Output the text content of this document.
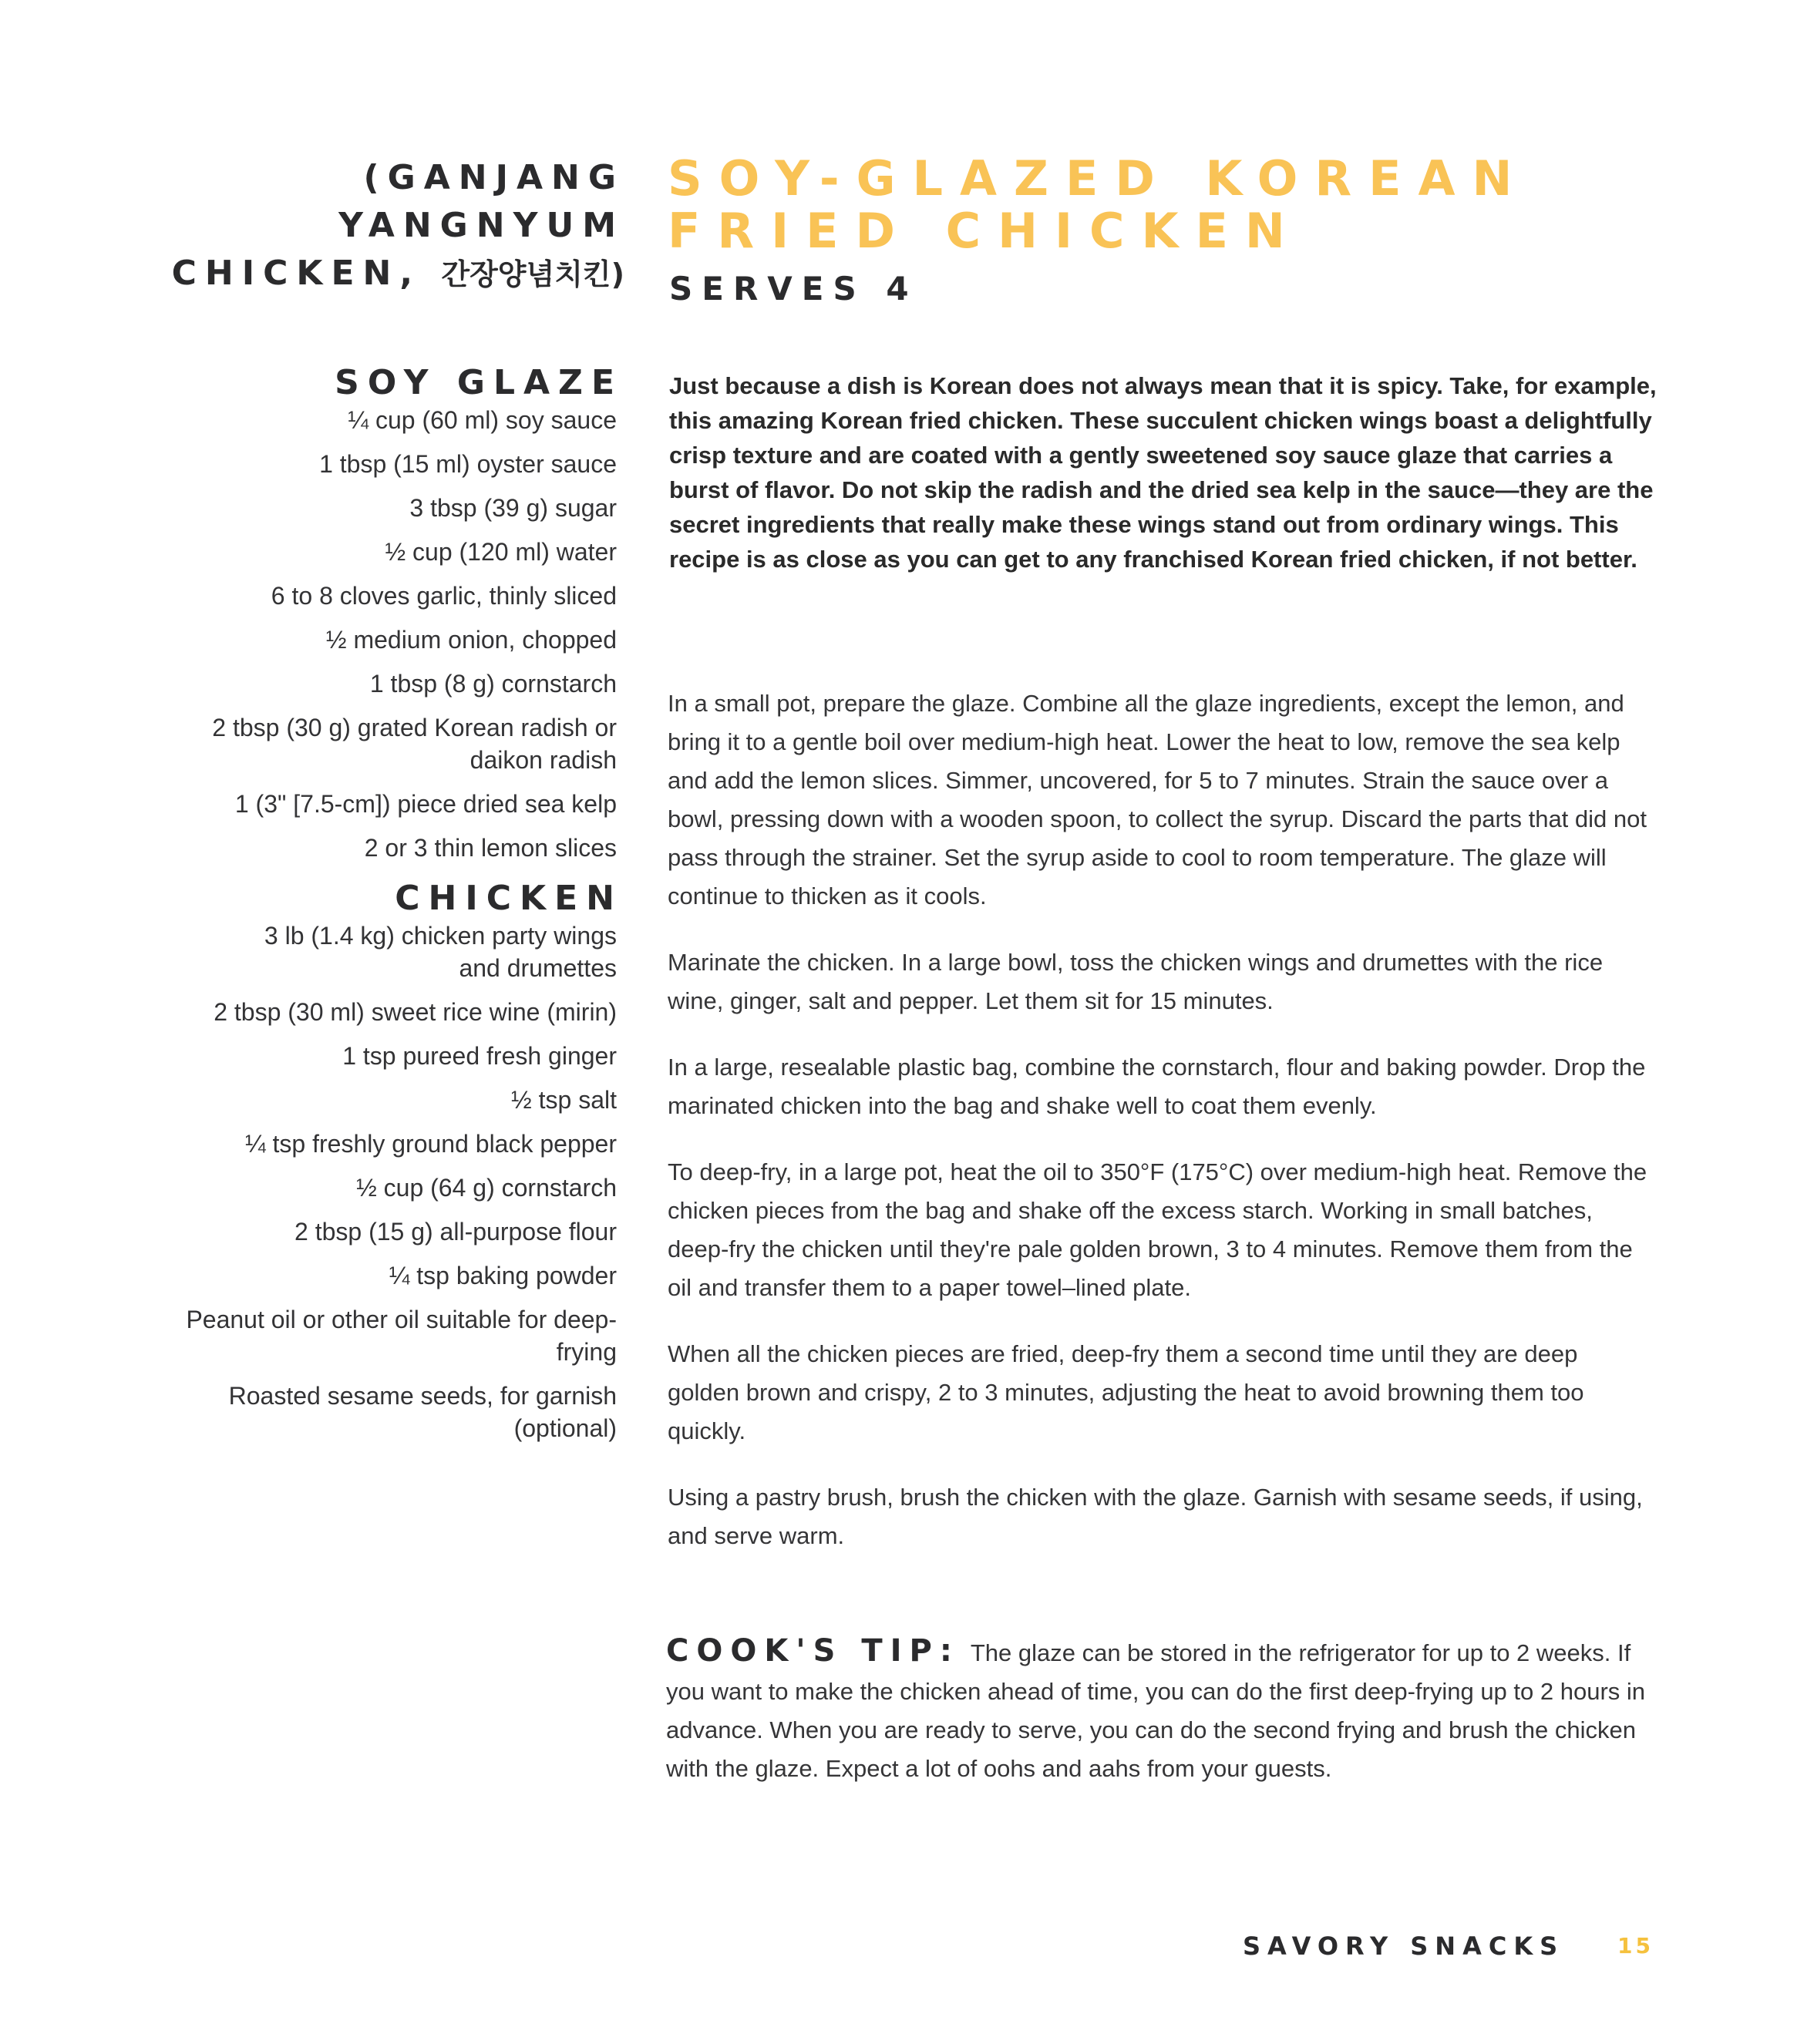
(GANJANG
YANGNYUM
CHICKEN, 간장양념치킨)
SOY-GLAZED KOREAN
FRIED CHICKEN
SERVES 4
SOY GLAZE
¼ cup (60 ml) soy sauce
1 tbsp (15 ml) oyster sauce
3 tbsp (39 g) sugar
½ cup (120 ml) water
6 to 8 cloves garlic, thinly sliced
½ medium onion, chopped
1 tbsp (8 g) cornstarch
2 tbsp (30 g) grated Korean radish or daikon radish
1 (3" [7.5-cm]) piece dried sea kelp
2 or 3 thin lemon slices
CHICKEN
3 lb (1.4 kg) chicken party wings and drumettes
2 tbsp (30 ml) sweet rice wine (mirin)
1 tsp pureed fresh ginger
½ tsp salt
¼ tsp freshly ground black pepper
½ cup (64 g) cornstarch
2 tbsp (15 g) all-purpose flour
¼ tsp baking powder
Peanut oil or other oil suitable for deep-frying
Roasted sesame seeds, for garnish (optional)

Just because a dish is Korean does not always mean that it is spicy. Take, for example, this amazing Korean fried chicken. These succulent chicken wings boast a delightfully crisp texture and are coated with a gently sweetened soy sauce glaze that carries a burst of flavor. Do not skip the radish and the dried sea kelp in the sauce—they are the secret ingredients that really make these wings stand out from ordinary wings. This recipe is as close as you can get to any franchised Korean fried chicken, if not better.

In a small pot, prepare the glaze. Combine all the glaze ingredients, except the lemon, and bring it to a gentle boil over medium-high heat. Lower the heat to low, remove the sea kelp and add the lemon slices. Simmer, uncovered, for 5 to 7 minutes. Strain the sauce over a bowl, pressing down with a wooden spoon, to collect the syrup. Discard the parts that did not pass through the strainer. Set the syrup aside to cool to room temperature. The glaze will continue to thicken as it cools.

Marinate the chicken. In a large bowl, toss the chicken wings and drumettes with the rice wine, ginger, salt and pepper. Let them sit for 15 minutes.

In a large, resealable plastic bag, combine the cornstarch, flour and baking powder. Drop the marinated chicken into the bag and shake well to coat them evenly.

To deep-fry, in a large pot, heat the oil to 350°F (175°C) over medium-high heat. Remove the chicken pieces from the bag and shake off the excess starch. Working in small batches, deep-fry the chicken until they're pale golden brown, 3 to 4 minutes. Remove them from the oil and transfer them to a paper towel–lined plate.

When all the chicken pieces are fried, deep-fry them a second time until they are deep golden brown and crispy, 2 to 3 minutes, adjusting the heat to avoid browning them too quickly.

Using a pastry brush, brush the chicken with the glaze. Garnish with sesame seeds, if using, and serve warm.

COOK'S TIP: The glaze can be stored in the refrigerator for up to 2 weeks. If you want to make the chicken ahead of time, you can do the first deep-frying up to 2 hours in advance. When you are ready to serve, you can do the second frying and brush the chicken with the glaze. Expect a lot of oohs and aahs from your guests.

SAVORY SNACKS 15
